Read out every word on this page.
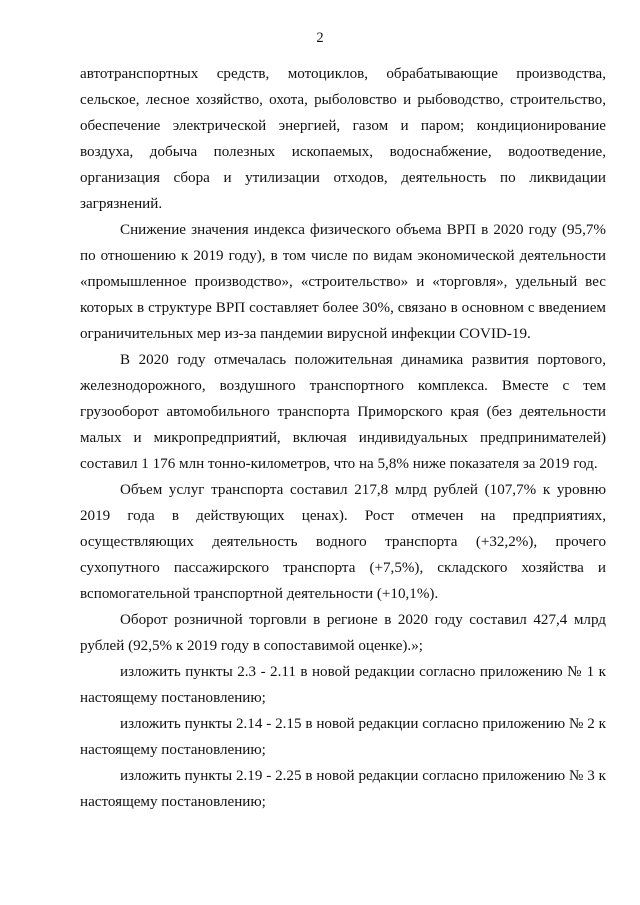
2

автотранспортных средств, мотоциклов, обрабатывающие производства, сельское, лесное хозяйство, охота, рыболовство и рыбоводство, строительство, обеспечение электрической энергией, газом и паром; кондиционирование воздуха, добыча полезных ископаемых, водоснабжение, водоотведение, организация сбора и утилизации отходов, деятельность по ликвидации загрязнений.

Снижение значения индекса физического объема ВРП в 2020 году (95,7% по отношению к 2019 году), в том числе по видам экономической деятельности «промышленное производство», «строительство» и «торговля», удельный вес которых в структуре ВРП составляет более 30%, связано в основном с введением ограничительных мер из-за пандемии вирусной инфекции COVID-19.

В 2020 году отмечалась положительная динамика развития портового, железнодорожного, воздушного транспортного комплекса. Вместе с тем грузооборот автомобильного транспорта Приморского края (без деятельности малых и микропредприятий, включая индивидуальных предпринимателей) составил 1 176 млн тонно-километров, что на 5,8% ниже показателя за 2019 год.

Объем услуг транспорта составил 217,8 млрд рублей (107,7% к уровню 2019 года в действующих ценах). Рост отмечен на предприятиях, осуществляющих деятельность водного транспорта (+32,2%), прочего сухопутного пассажирского транспорта (+7,5%), складского хозяйства и вспомогательной транспортной деятельности (+10,1%).

Оборот розничной торговли в регионе в 2020 году составил 427,4 млрд рублей (92,5% к 2019 году в сопоставимой оценке).»;

изложить пункты 2.3 - 2.11 в новой редакции согласно приложению № 1 к настоящему постановлению;

изложить пункты 2.14 - 2.15 в новой редакции согласно приложению № 2 к настоящему постановлению;

изложить пункты 2.19 - 2.25 в новой редакции согласно приложению № 3 к настоящему постановлению;
